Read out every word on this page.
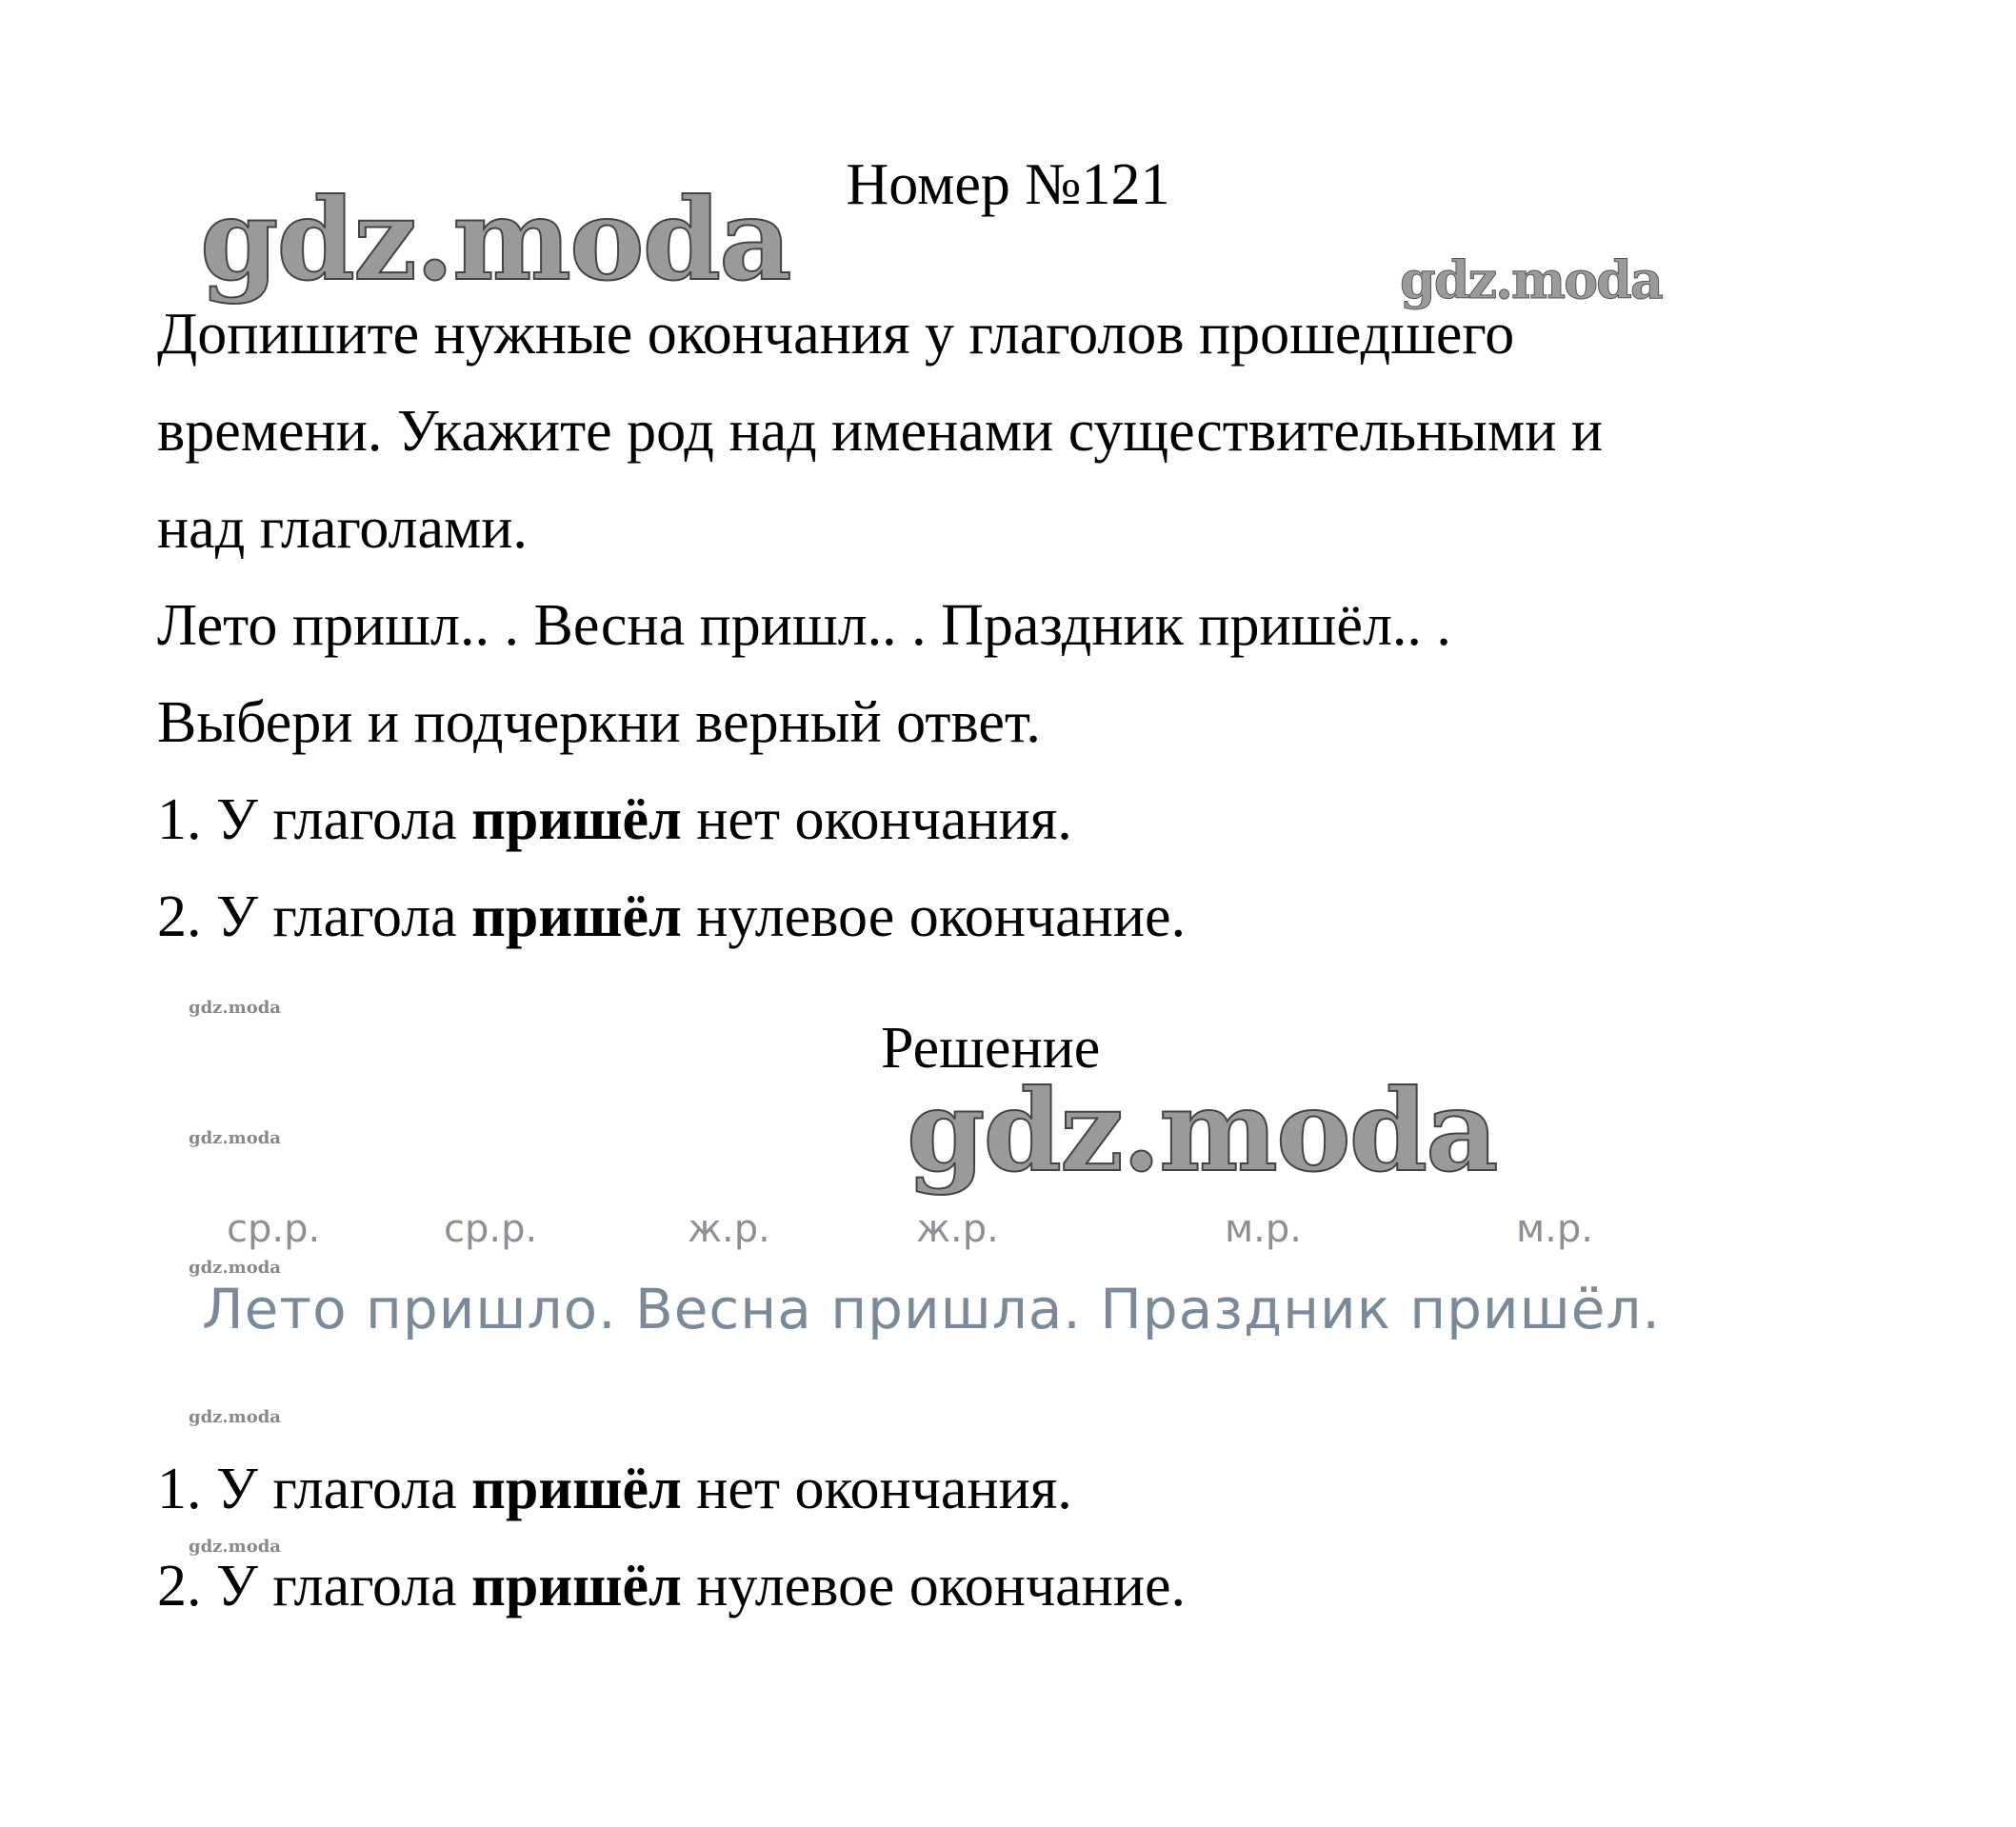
gdz.moda	gdz.moda
gdz.moda
gdz.moda
gdz.moda
gdz.moda
gdz.moda
gdz.moda
Номер №121
Допишите нужные окончания у глаголов прошедшего
времени. Укажите род над именами существительными и
над глаголами.
Лето пришл.. . Весна пришл.. . Праздник пришёл.. .
Выбери и подчеркни верный ответ.
1. У глагола пришёл нет окончания.
2. У глагола пришёл нулевое окончание.
Решение
ср.р.	ср.р.	ж.р.	ж.р.	м.р.	м.р.
Лето пришло. Весна пришла. Праздник пришёл.
1. У глагола пришёл нет окончания.
2. У глагола пришёл нулевое окончание.
